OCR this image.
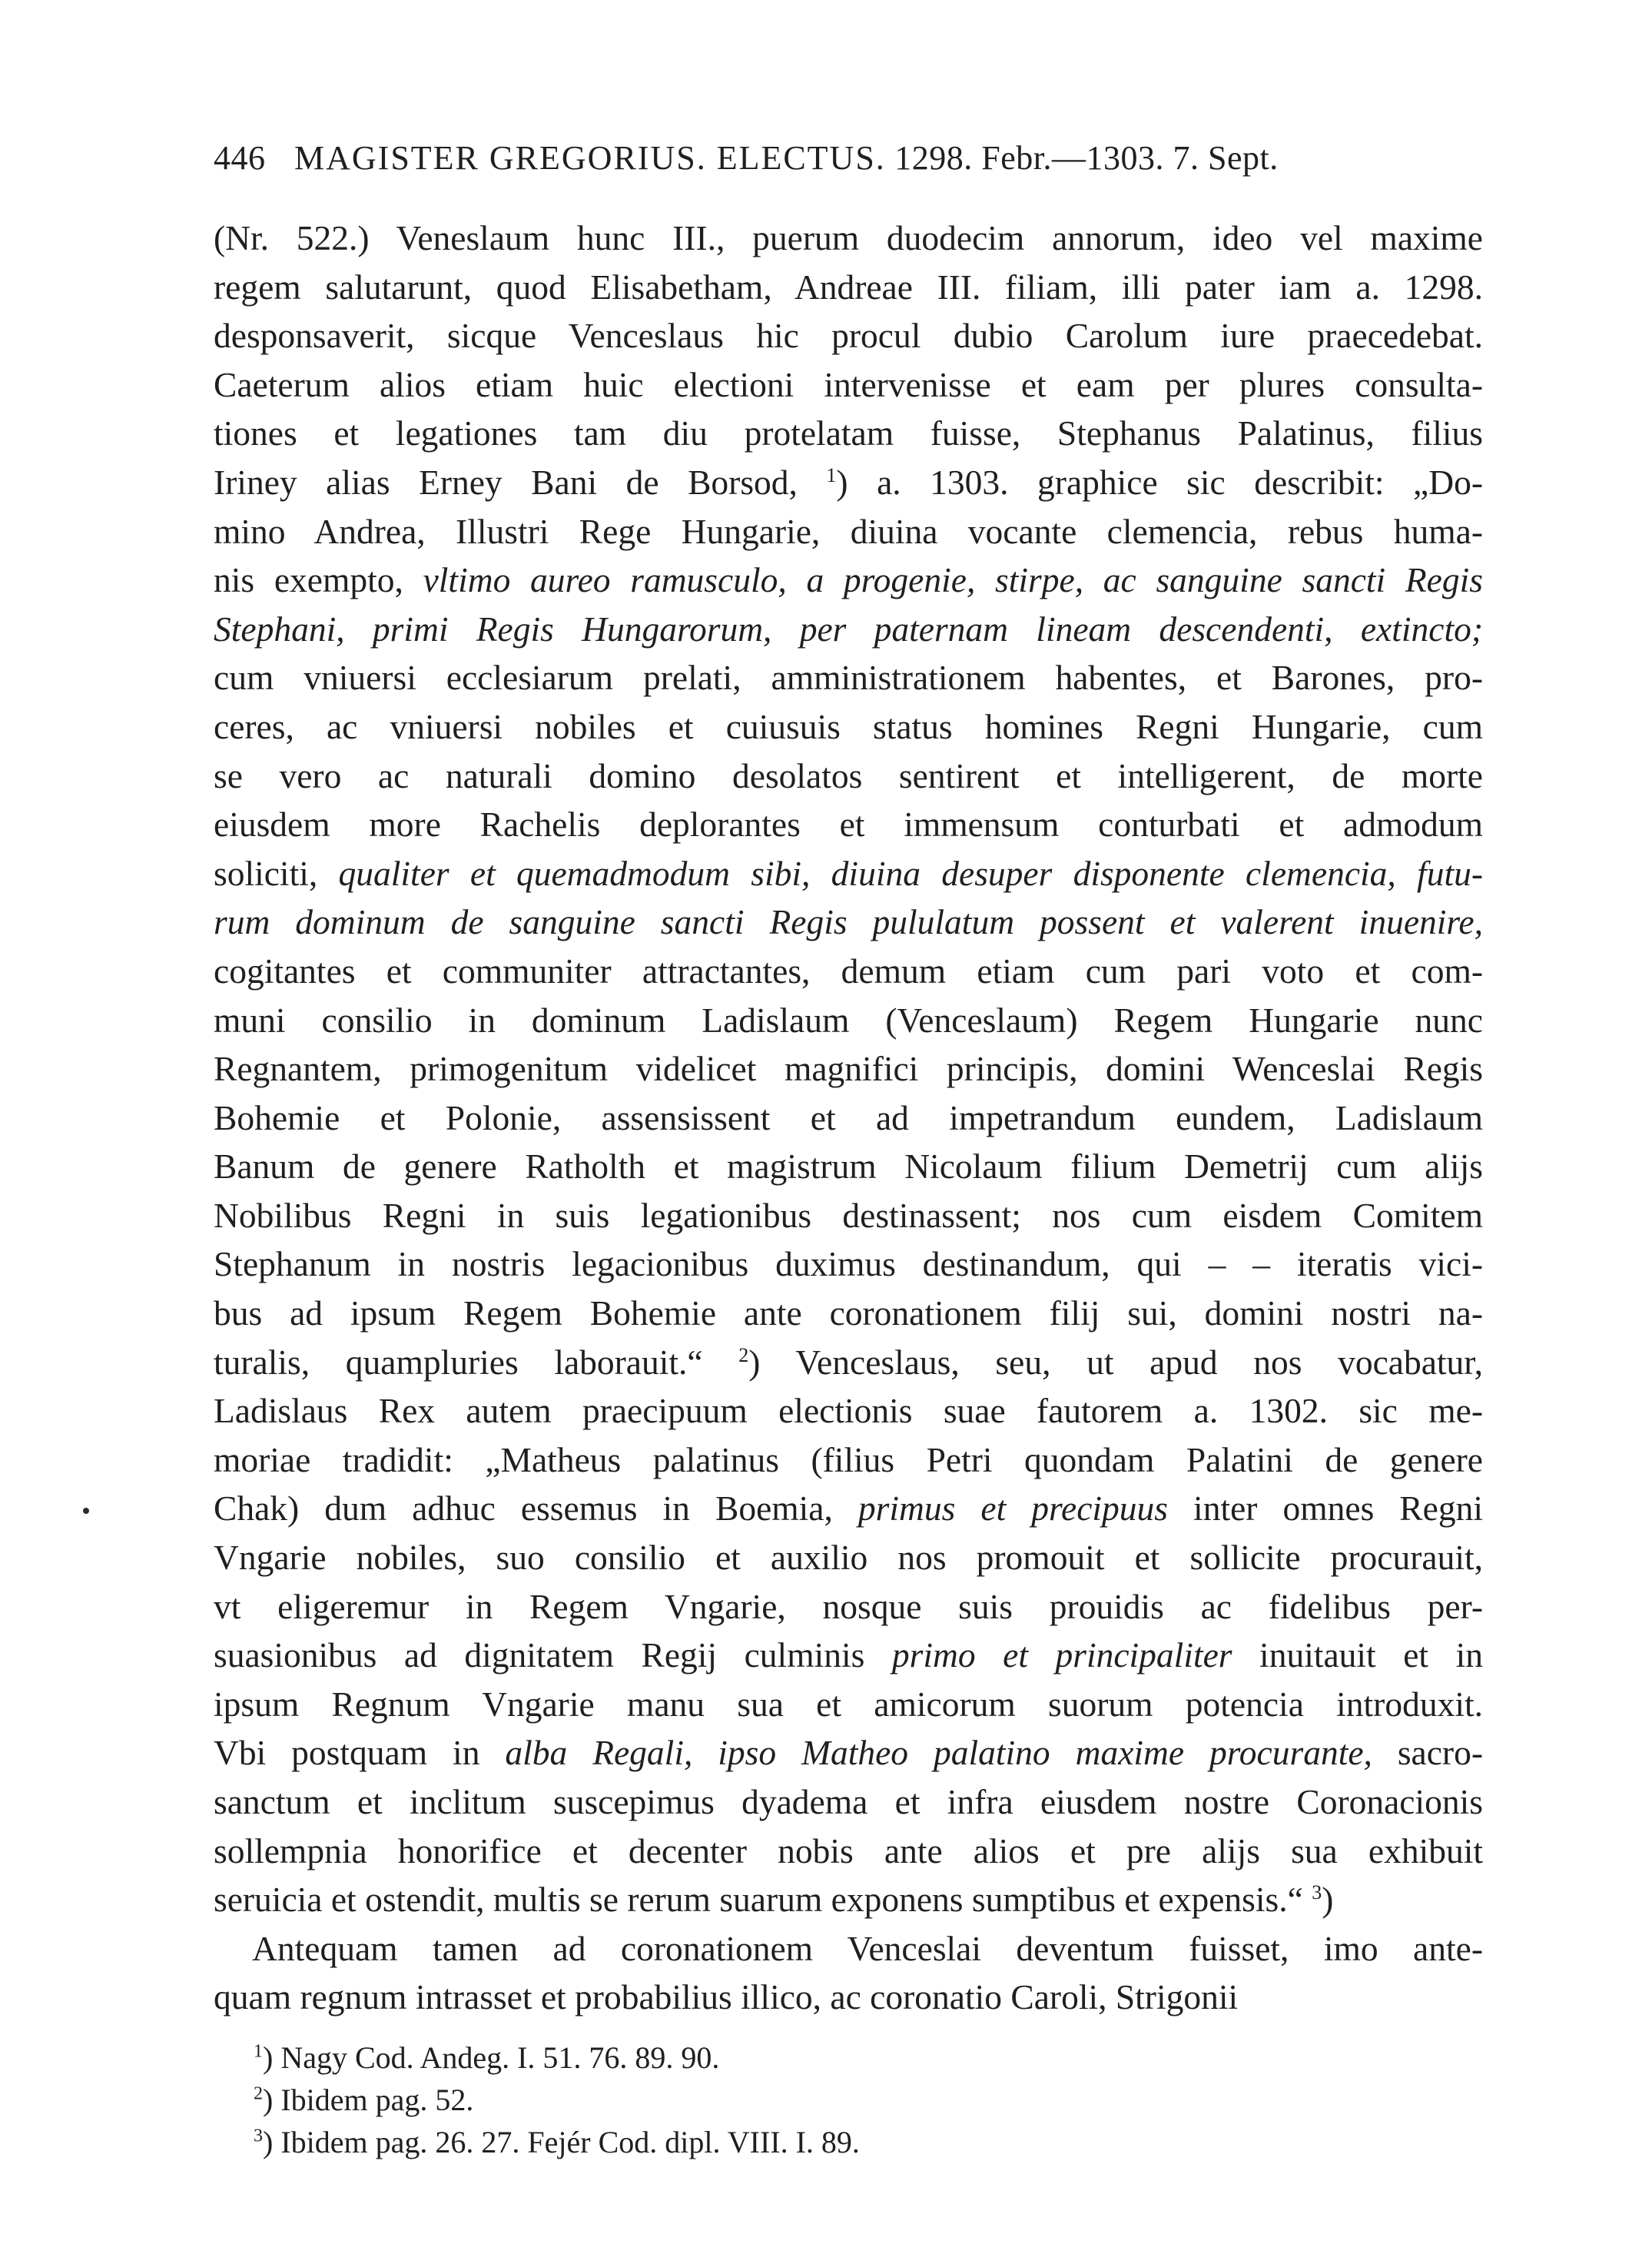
446 MAGISTER GREGORIUS. ELECTUS. 1298. Febr.—1303. 7. Sept.
(Nr. 522.) Veneslaum hunc III., puerum duodecim annorum, ideo vel maxime
regem salutarunt, quod Elisabetham, Andreae III. filiam, illi pater iam a. 1298.
desponsaverit, sicque Venceslaus hic procul dubio Carolum iure praecedebat.
Caeterum alios etiam huic electioni intervenisse et eam per plures consulta-
tiones et legationes tam diu protelatam fuisse, Stephanus Palatinus, filius
Iriney alias Erney Bani de Borsod, $^1$) a. 1303. graphice sic describit: „Do-
mino Andrea, Illustri Rege Hungarie, diuina vocante clemencia, rebus huma-
nis exempto, vltimo aureo ramusculo, a progenie, stirpe, ac sanguine sancti Regis
Stephani, primi Regis Hungarorum, per paternam lineam descendenti, extincto;
cum vniuersi ecclesiarum prelati, amministrationem habentes, et Barones, pro-
ceres, ac vniuersi nobiles et cuiusuis status homines Regni Hungarie, cum
se vero ac naturali domino desolatos sentirent et intelligerent, de morte
eiusdem more Rachelis deplorantes et immensum conturbati et admodum
soliciti, qualiter et quemadmodum sibi, diuina desuper disponente clemencia, futu-
rum dominum de sanguine sancti Regis pululatum possent et valerent inuenire,
cogitantes et communiter attractantes, demum etiam cum pari voto et com-
muni consilio in dominum Ladislaum (Venceslaum) Regem Hungarie nunc
Regnantem, primogenitum videlicet magnifici principis, domini Wenceslai Regis
Bohemie et Polonie, assensissent et ad impetrandum eundem, Ladislaum
Banum de genere Ratholth et magistrum Nicolaum filium Demetrij cum alijs
Nobilibus Regni in suis legationibus destinassent; nos cum eisdem Comitem
Stephanum in nostris legacionibus duximus destinandum, qui – – iteratis vici-
bus ad ipsum Regem Bohemie ante coronationem filij sui, domini nostri na-
turalis, quampluries laborauit.“ $^2$) Venceslaus, seu, ut apud nos vocabatur,
Ladislaus Rex autem praecipuum electionis suae fautorem a. 1302. sic me-
moriae tradidit: „Matheus palatinus (filius Petri quondam Palatini de genere
Chak) dum adhuc essemus in Boemia, primus et precipuus inter omnes Regni
Vngarie nobiles, suo consilio et auxilio nos promouit et sollicite procurauit,
vt eligeremur in Regem Vngarie, nosque suis prouidis ac fidelibus per-
suasionibus ad dignitatem Regij culminis primo et principaliter inuitauit et in
ipsum Regnum Vngarie manu sua et amicorum suorum potencia introduxit.
Vbi postquam in alba Regali, ipso Matheo palatino maxime procurante, sacro-
sanctum et inclitum suscepimus dyadema et infra eiusdem nostre Coronacionis
sollempnia honorifice et decenter nobis ante alios et pre alijs sua exhibuit
seruicia et ostendit, multis se rerum suarum exponens sumptibus et expensis.“ $^3$)
Antequam tamen ad coronationem Venceslai deventum fuisset, imo ante-
quam regnum intrasset et probabilius illico, ac coronatio Caroli, Strigonii
$^1$) Nagy Cod. Andeg. I. 51. 76. 89. 90.
$^2$) Ibidem pag. 52.
$^3$) Ibidem pag. 26. 27. Fejér Cod. dipl. VIII. I. 89.
